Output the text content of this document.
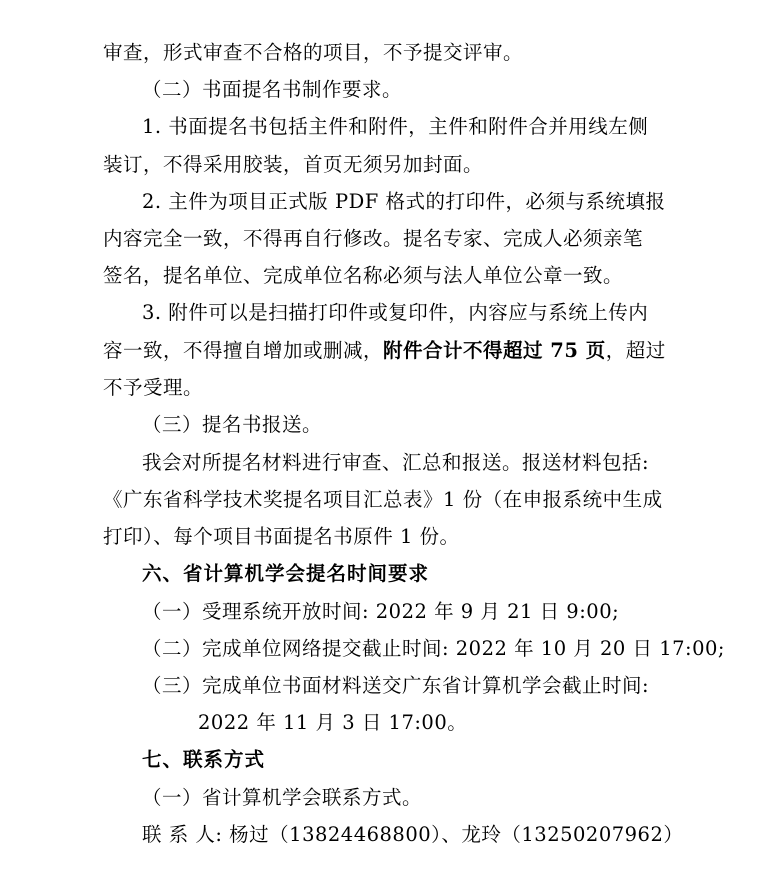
审查，形式审查不合格的项目，不予提交评审。
（二）书面提名书制作要求。
1. 书面提名书包括主件和附件，主件和附件合并用线左侧
装订，不得采用胶装，首页无须另加封面。
2. 主件为项目正式版 PDF 格式的打印件，必须与系统填报
内容完全一致，不得再自行修改。提名专家、完成人必须亲笔
签名，提名单位、完成单位名称必须与法人单位公章一致。
3. 附件可以是扫描打印件或复印件，内容应与系统上传内
容一致，不得擅自增加或删减，附件合计不得超过 75 页，超过
不予受理。
（三）提名书报送。
我会对所提名材料进行审查、汇总和报送。报送材料包括:
《广东省科学技术奖提名项目汇总表》1 份（在申报系统中生成
打印）、每个项目书面提名书原件 1 份。
六、省计算机学会提名时间要求
（一）受理系统开放时间: 2022 年 9 月 21 日 9:00;
（二）完成单位网络提交截止时间: 2022 年 10 月 20 日 17:00;
（三）完成单位书面材料送交广东省计算机学会截止时间:
2022 年 11 月 3 日 17:00。
七、联系方式
（一）省计算机学会联系方式。
联 系 人: 杨过（13824468800）、龙玲（13250207962）
